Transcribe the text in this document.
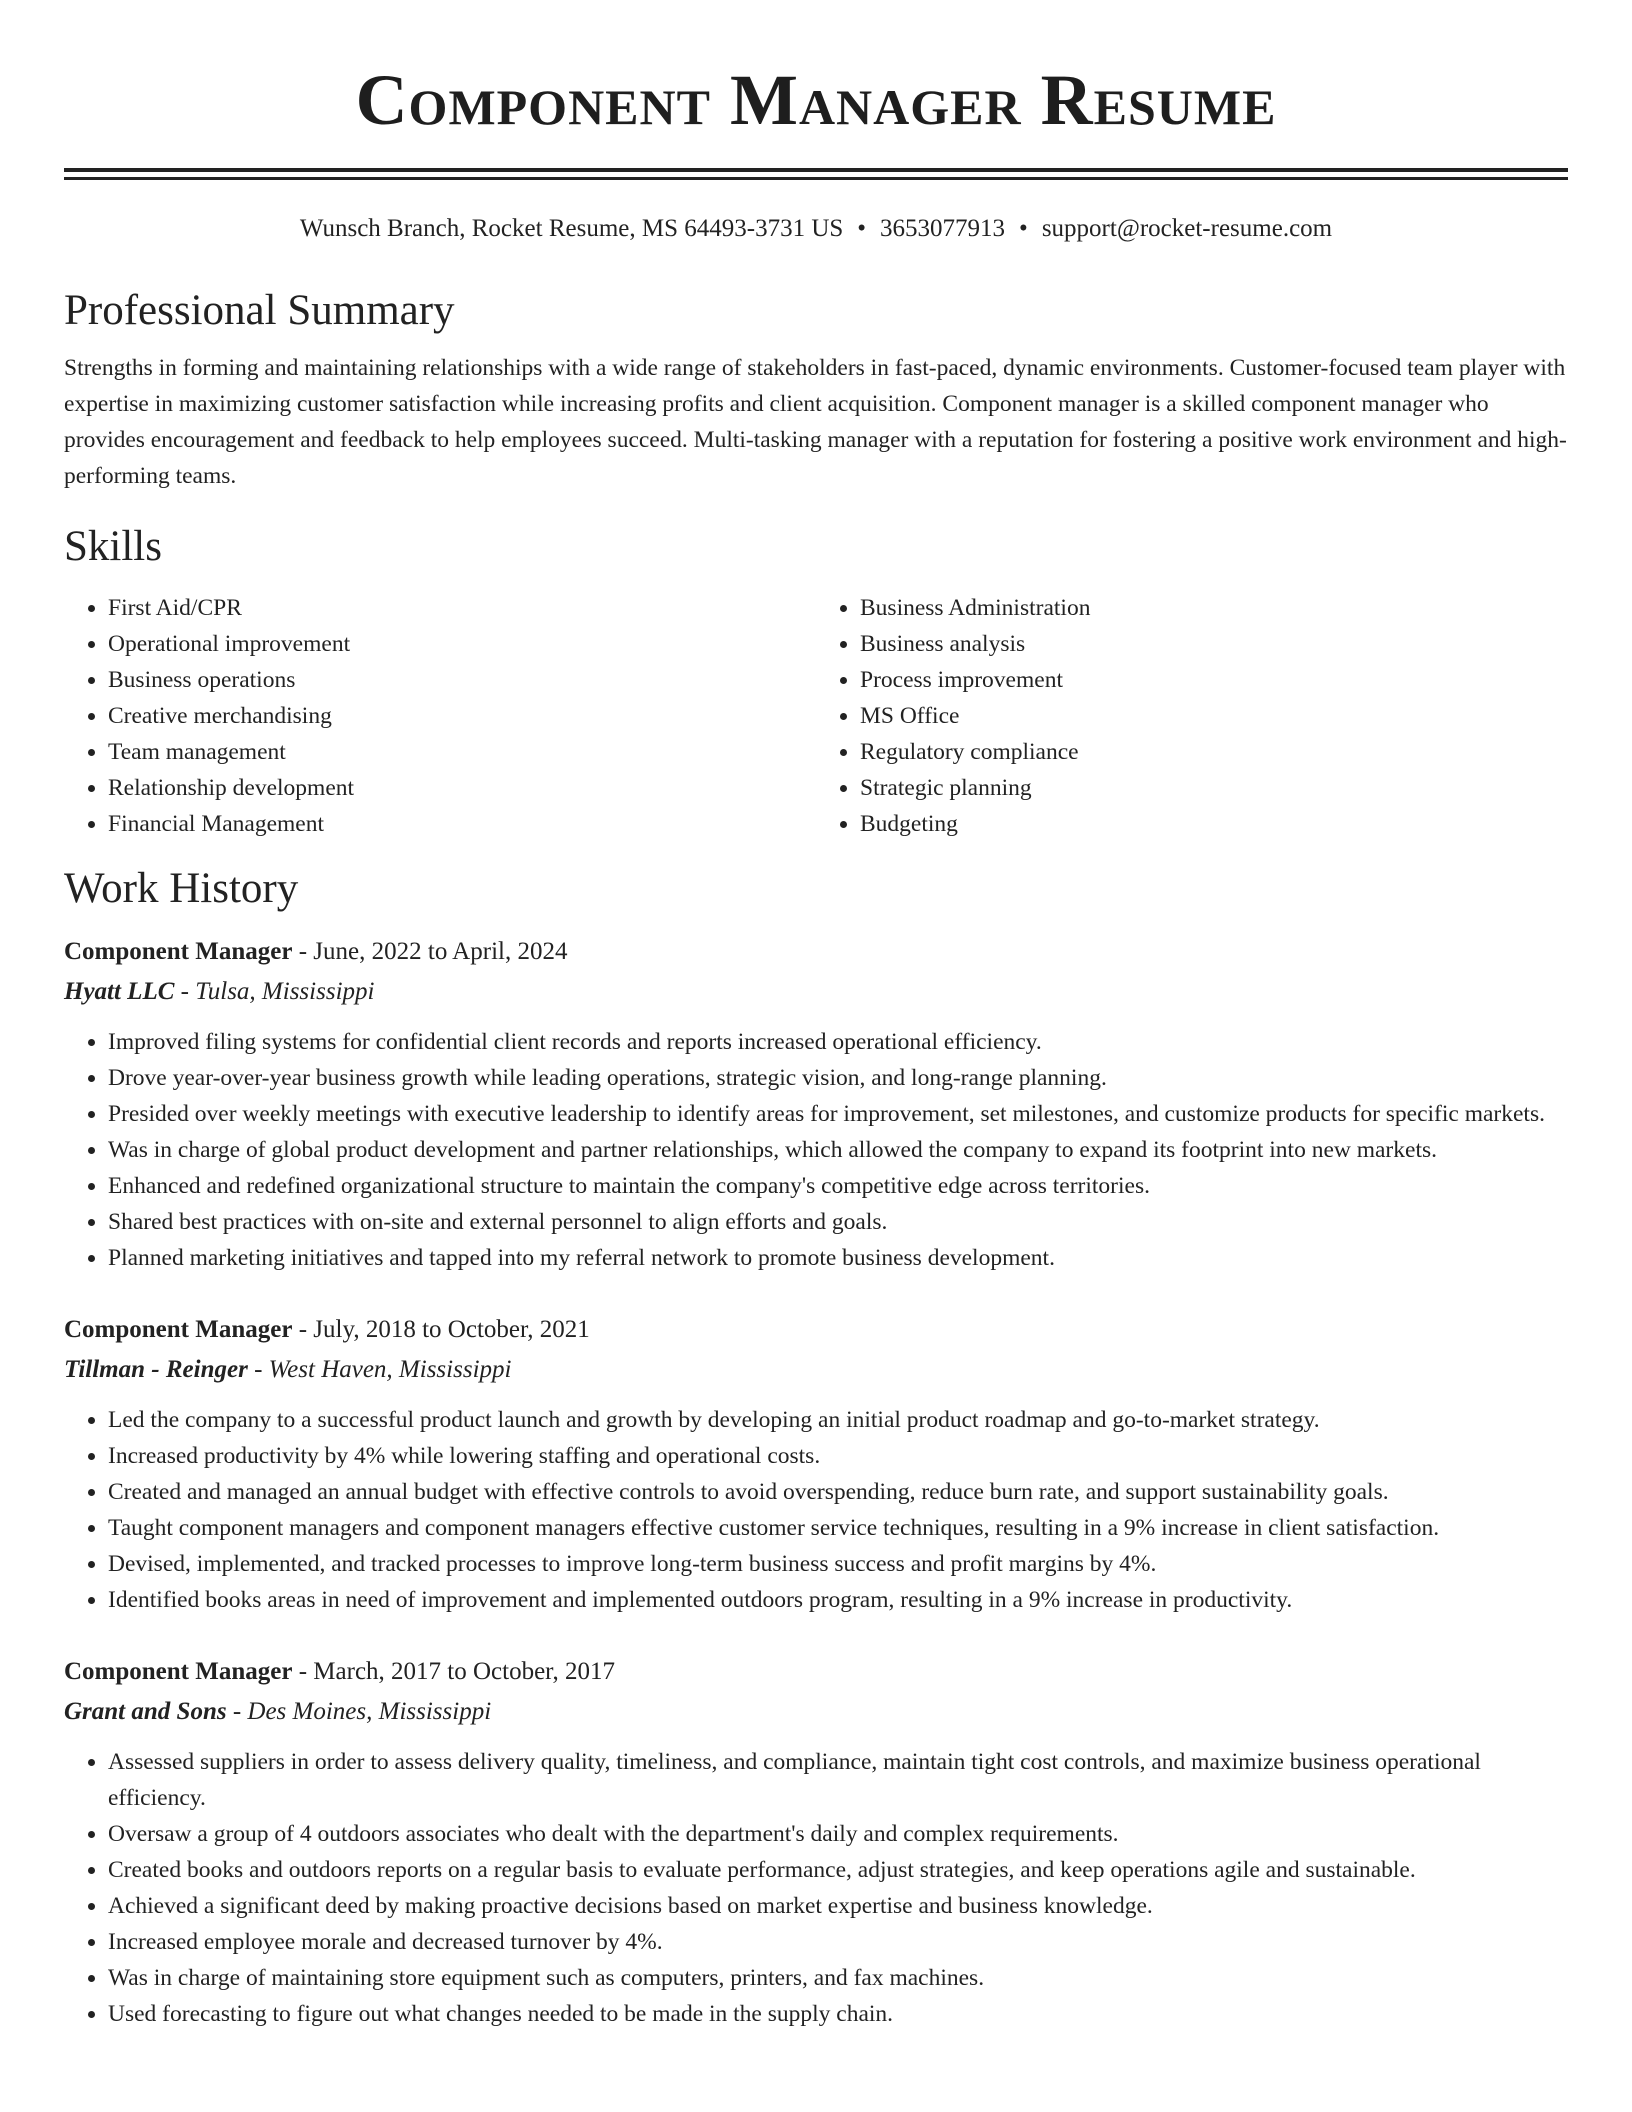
Component Manager Resume
Wunsch Branch, Rocket Resume, MS 64493-3731 US • 3653077913 • support@rocket-resume.com
Professional Summary

Strengths in forming and maintaining relationships with a wide range of stakeholders in fast-paced, dynamic environments. Customer-focused team player with expertise in maximizing customer satisfaction while increasing profits and client acquisition. Component manager is a skilled component manager who provides encouragement and feedback to help employees succeed. Multi-tasking manager with a reputation for fostering a positive work environment and high-performing teams.

Skills
• First Aid/CPR
• Operational improvement
• Business operations
• Creative merchandising
• Team management
• Relationship development
• Financial Management
• Business Administration
• Business analysis
• Process improvement
• MS Office
• Regulatory compliance
• Strategic planning
• Budgeting
Work History
Component Manager - June, 2022 to April, 2024
Hyatt LLC - Tulsa, Mississippi
• Improved filing systems for confidential client records and reports increased operational efficiency.
• Drove year-over-year business growth while leading operations, strategic vision, and long-range planning.
• Presided over weekly meetings with executive leadership to identify areas for improvement, set milestones, and customize products for specific markets.
• Was in charge of global product development and partner relationships, which allowed the company to expand its footprint into new markets.
• Enhanced and redefined organizational structure to maintain the company's competitive edge across territories.
• Shared best practices with on-site and external personnel to align efforts and goals.
• Planned marketing initiatives and tapped into my referral network to promote business development.
Component Manager - July, 2018 to October, 2021
Tillman - Reinger - West Haven, Mississippi
• Led the company to a successful product launch and growth by developing an initial product roadmap and go-to-market strategy.
• Increased productivity by 4% while lowering staffing and operational costs.
• Created and managed an annual budget with effective controls to avoid overspending, reduce burn rate, and support sustainability goals.
• Taught component managers and component managers effective customer service techniques, resulting in a 9% increase in client satisfaction.
• Devised, implemented, and tracked processes to improve long-term business success and profit margins by 4%.
• Identified books areas in need of improvement and implemented outdoors program, resulting in a 9% increase in productivity.
Component Manager - March, 2017 to October, 2017
Grant and Sons - Des Moines, Mississippi
• Assessed suppliers in order to assess delivery quality, timeliness, and compliance, maintain tight cost controls, and maximize business operational efficiency.
• Oversaw a group of 4 outdoors associates who dealt with the department's daily and complex requirements.
• Created books and outdoors reports on a regular basis to evaluate performance, adjust strategies, and keep operations agile and sustainable.
• Achieved a significant deed by making proactive decisions based on market expertise and business knowledge.
• Increased employee morale and decreased turnover by 4%.
• Was in charge of maintaining store equipment such as computers, printers, and fax machines.
• Used forecasting to figure out what changes needed to be made in the supply chain.
